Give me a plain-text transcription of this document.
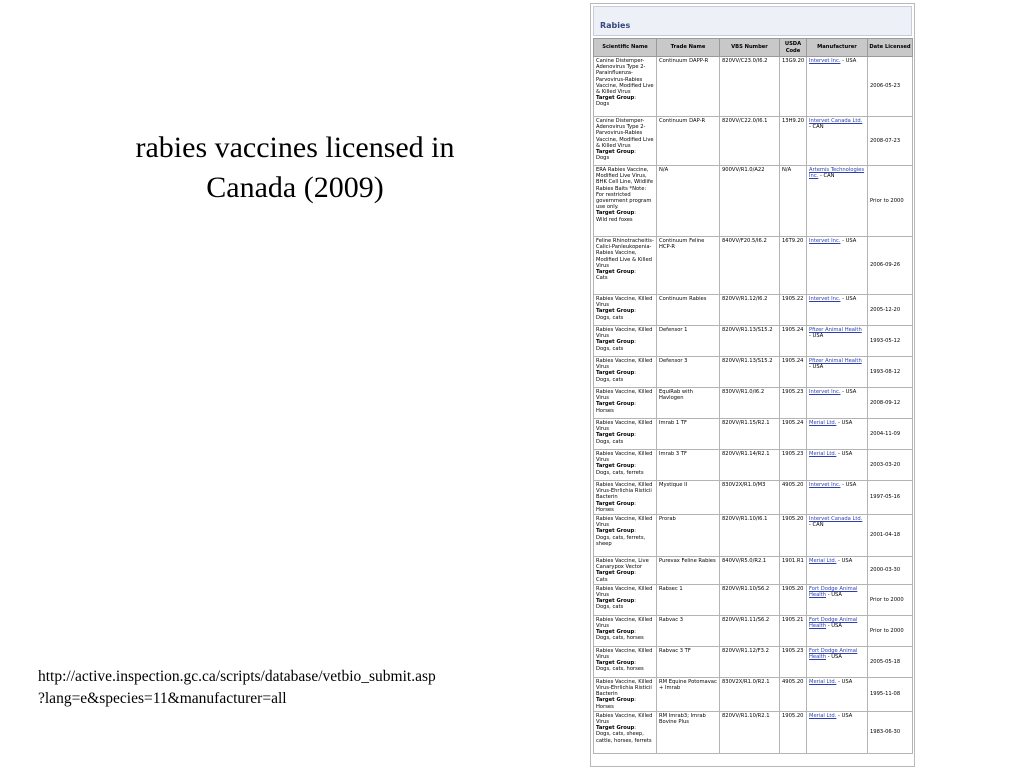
rabies vaccines licensed in
Canada (2009)
http://active.inspection.gc.ca/scripts/database/vetbio_submit.asp
?lang=e&species=11&manufacturer=all
Rabies
Scientific Name	Trade Name	VBS Number	USDA Code	Manufacturer	Date Licensed
Canine Distemper-Adenovirus Type 2-Parainfluenza-Parvovirus-Rabies Vaccine, Modified Live & Killed Virus
Target Group:
Dogs	Continuum DAPP-R	820VV/C23.0/I6.2	13G9.20	Intervet Inc. - USA	2006-05-23
Canine Distemper-Adenovirus Type 2-Parvovirus-Rabies Vaccine, Modified Live & Killed Virus
Target Group:
Dogs	Continuum DAP-R	820VV/C22.0/I6.1	13H9.20	Intervet Canada Ltd. - CAN	2008-07-23
ERA Rabies Vaccine, Modified Live Virus, BHK Cell Line, Wildlife Rabies Baits *Note: For restricted government program use only.
Target Group:
Wild red foxes	N/A	900VV/R1.0/A22	N/A	Artemis Technologies Inc. - CAN	Prior to 2000
Feline Rhinotracheitis-Calici-Panleukopenia-Rabies Vaccine, Modified Live & Killed Virus
Target Group:
Cats	Continuum Feline HCP-R	840VV/F20.5/I6.2	16T9.20	Intervet Inc. - USA	2006-09-26
Rabies Vaccine, Killed Virus
Target Group:
Dogs, cats	Continuum Rabies	820VV/R1.12/I6.2	1905.22	Intervet Inc. - USA	2005-12-20
Rabies Vaccine, Killed Virus
Target Group:
Dogs, cats	Defensor 1	820VV/R1.13/S15.2	1905.24	Pfizer Animal Health - USA	1993-05-12
Rabies Vaccine, Killed Virus
Target Group:
Dogs, cats	Defensor 3	820VV/R1.13/S15.2	1905.24	Pfizer Animal Health - USA	1993-08-12
Rabies Vaccine, Killed Virus
Target Group:
Horses	EquiRab with Havlogen	830VV/R1.0/I6.2	1905.23	Intervet Inc. - USA	2008-09-12
Rabies Vaccine, Killed Virus
Target Group:
Dogs, cats	Imrab 1 TF	820VV/R1.15/R2.1	1905.24	Merial Ltd. - USA	2004-11-09
Rabies Vaccine, Killed Virus
Target Group:
Dogs, cats, ferrets	Imrab 3 TF	820VV/R1.14/R2.1	1905.23	Merial Ltd. - USA	2003-03-20
Rabies Vaccine, Killed Virus-Ehrlichia Risticii Bacterin
Target Group:
Horses	Mystique II	830V2X/R1.0/M3	4905.20	Intervet Inc. - USA	1997-05-16
Rabies Vaccine, Killed Virus
Target Group:
Dogs, cats, ferrets, sheep	Prorab	820VV/R1.10/I6.1	1905.20	Intervet Canada Ltd. - CAN	2001-04-18
Rabies Vaccine, Live Canarypox Vector
Target Group:
Cats	Purevax Feline Rabies	840VV/R5.0/R2.1	1901.R1	Merial Ltd. - USA	2000-03-30
Rabies Vaccine, Killed Virus
Target Group:
Dogs, cats	Rabsec 1	820VV/R1.10/S6.2	1905.20	Fort Dodge Animal Health - USA	Prior to 2000
Rabies Vaccine, Killed Virus
Target Group:
Dogs, cats, horses	Rabvac 3	820VV/R1.11/S6.2	1905.21	Fort Dodge Animal Health - USA	Prior to 2000
Rabies Vaccine, Killed Virus
Target Group:
Dogs, cats, horses	Rabvac 3 TF	820VV/R1.12/F3.2	1905.23	Fort Dodge Animal Health - USA	2005-05-18
Rabies Vaccine, Killed Virus-Ehrlichia Risticii Bacterin
Target Group:
Horses	RM Equine Potomavac + Imrab	830V2X/R1.0/R2.1	4905.20	Merial Ltd. - USA	1995-11-08
Rabies Vaccine, Killed Virus
Target Group:
Dogs, cats, sheep, cattle, horses, ferrets	RM Imrab3; Imrab Bovine Plus	820VV/R1.10/R2.1	1905.20	Merial Ltd. - USA	1983-06-30
